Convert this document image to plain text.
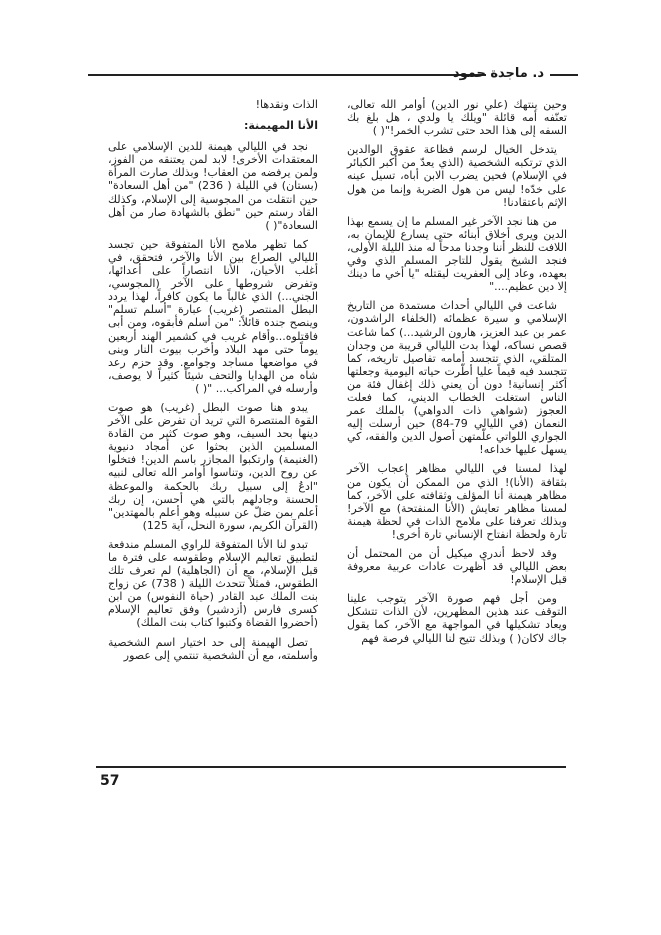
د. ماجدة حمود

وحين ينتهك (علي نور الدين) أوامر الله تعالى، تعنّفه أمه قائلة "ويلك يا ولدي ، هل بلغ بك السفه إلى هذا الحد حتى تشرب الخمر!"( )

يتدخل الخيال لرسم فظاعة عقوق الوالدين الذي ترتكبه الشخصية (الذي يعدّ من أكبر الكبائر في الإسلام) فحين يضرب الابن أباه، تسيل عينه على خدّه! ليس من هول الضربة وإنما من هول الإثم باعتقادنا!

من هنا نجد الآخر غير المسلم ما إن يسمع بهذا الدين ويرى أخلاق أبنائه حتى يسارع للإيمان به، اللافت للنظر أننا وجدنا مدحاً له منذ الليلة الأولى، فنجد الشيخ يقول للتاجر المسلم الذي وفي بعهده، وعاد إلى العفريت ليقتله "يا أخي ما دينك إلا دين عظيم...."

شاعت في الليالي أحداث مستمدة من التاريخ الإسلامي و سيرة عظمائه (الخلفاء الراشدون، عمر بن عبد العزيز، هارون الرشيد...) كما شاعت قصص نساكه، لهذا بدت الليالي قريبة من وجدان المتلقي، الذي تتجسد أمامه تفاصيل تاريخه، كما تتجسد فيه قيماً عليا أطّرت حياته اليومية وجعلتها أكثر إنسانية! دون أن يعني ذلك إغفال فئة من الناس استغلت الخطاب الديني، كما فعلت العجوز (شواهي ذات الدواهي) بالملك عمر النعمان (في الليالي 79-84) حين أرسلت إليه الجواري اللواتي علّمتهن أصول الدين والفقه، كي يسهل عليها خداعه!

لهذا لمسنا في الليالي مظاهر إعجاب الآخر بثقافة (الأنا)! الذي من الممكن أن يكون من مظاهر هيمنة أنا المؤلف وثقافته على الآخر، كما لمسنا مظاهر تعايش (الأنا المنفتحة) مع الآخر! وبذلك تعرفنا على ملامح الذات في لحظة هيمنة تارة ولحظة انفتاح الإنساني تارة أخرى!

وقد لاحظ أندري ميكيل أن من المحتمل أن بعض الليالي قد أظهرت عادات عربية معروفة قبل الإسلام!

ومن أجل فهم صورة الآخر يتوجب علينا التوقف عند هذين المظهرين، لأن الذات تتشكل ويعاد تشكيلها في المواجهة مع الآخر، كما يقول جاك لاكان( ) وبذلك تتيح لنا الليالي فرصة فهم

الذات ونقدها!

الأنا المهيمنة:

نجد في الليالي هيمنة للدين الإسلامي على المعتقدات الأخرى! لابد لمن يعتنقه من الفوز، ولمن يرفضه من العقاب! وبذلك صارت المرأة (بستان) في الليلة ( 236) "من أهل السعادة" حين انتقلت من المجوسية إلى الإسلام، وكذلك القاد رستم حين "نطق بالشهادة صار من أهل السعادة"( )

كما تظهر ملامح الأنا المتفوقة حين تجسد الليالي الصراع بين الأنا والآخر، فتحقق، في أغلب الأحيان، الأنا انتصاراً على أعدائها، وتفرض شروطها على الآخر (المجوسي، الجني...) الذي غالباً ما يكون كافراً، لهذا يردد البطل المنتصر (غريب) عبارة "أسلم تسلم" وينصح جنده قائلاً: "من أسلم فأبقوه، ومن أبى فاقتلوه...وأقام غريب في كشمير الهند أربعين يوماً حتى مهد البلاد وأخرب بيوت النار وبنى في مواضعها مساجد وجوامع. وقد حزم رعد شاه من الهدايا والتحف شيئاً كثيراً لا يوصف، وأرسله في المراكب... "( )

يبدو هنا صوت البطل (غريب) هو صوت القوة المنتصرة التي تريد أن تفرض على الآخر دينها بحد السيف، وهو صوت كثير من القادة المسلمين الذين بحثوا عن أمجاد دنيوية (الغنيمة) وارتكبوا المجازر باسم الدين! فتخلوا عن روح الدين، وتناسوا أوامر الله تعالى لنبيه "ادعُ إلى سبيل ربك بالحكمة والموعظة الحسنة وجادلهم بالتي هي أحسن، إن ربك أعلم بمن ضلّ عن سبيله وهو أعلم بالمهتدين"(القرآن الكريم، سورة النحل، آية 125)

تبدو لنا الأنا المتفوقة للراوي المسلم مندفعة لتطبيق تعاليم الإسلام وطقوسه على فترة ما قبل الإسلام، مع أن (الجاهلية) لم تعرف تلك الطقوس، فمثلاً تتحدث الليلة ( 738) عن زواج بنت الملك عبد القادر (حياة النفوس) من ابن كسرى فارس (أزدشير) وفق تعاليم الإسلام (أحضروا القضاة وكتبوا كتاب بنت الملك)

تصل الهيمنة إلى حد اختيار اسم الشخصية وأسلمته، مع أن الشخصية تنتمي إلى عصور

57
